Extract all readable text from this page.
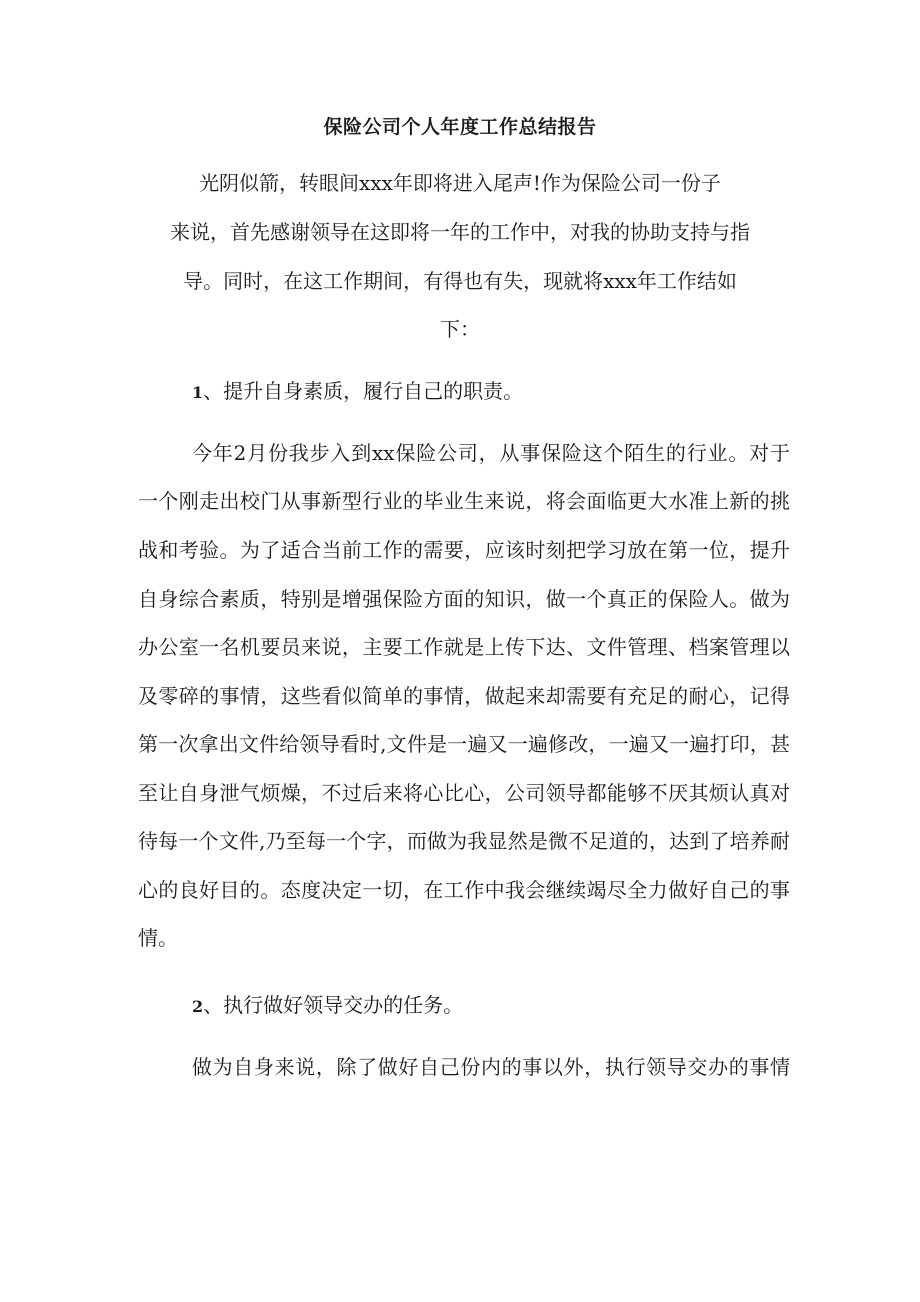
保险公司个人年度工作总结报告
光阴似箭，转眼间xxx年即将进入尾声!作为保险公司一份子
来说，首先感谢领导在这即将一年的工作中，对我的协助支持与指
导。同时，在这工作期间，有得也有失，现就将xxx年工作结如
下：
1、提升自身素质，履行自己的职责。
今年2月份我步入到xx保险公司，从事保险这个陌生的行业。对于
一个刚走出校门从事新型行业的毕业生来说，将会面临更大水准上新的挑
战和考验。为了适合当前工作的需要，应该时刻把学习放在第一位，提升
自身综合素质，特别是增强保险方面的知识，做一个真正的保险人。做为
办公室一名机要员来说，主要工作就是上传下达、文件管理、档案管理以
及零碎的事情，这些看似简单的事情，做起来却需要有充足的耐心，记得
第一次拿出文件给领导看时,文件是一遍又一遍修改，一遍又一遍打印，甚
至让自身泄气烦燥，不过后来将心比心，公司领导都能够不厌其烦认真对
待每一个文件,乃至每一个字，而做为我显然是微不足道的，达到了培养耐
心的良好目的。态度决定一切，在工作中我会继续竭尽全力做好自己的事
情。
2、执行做好领导交办的任务。
做为自身来说，除了做好自己份内的事以外，执行领导交办的事情
